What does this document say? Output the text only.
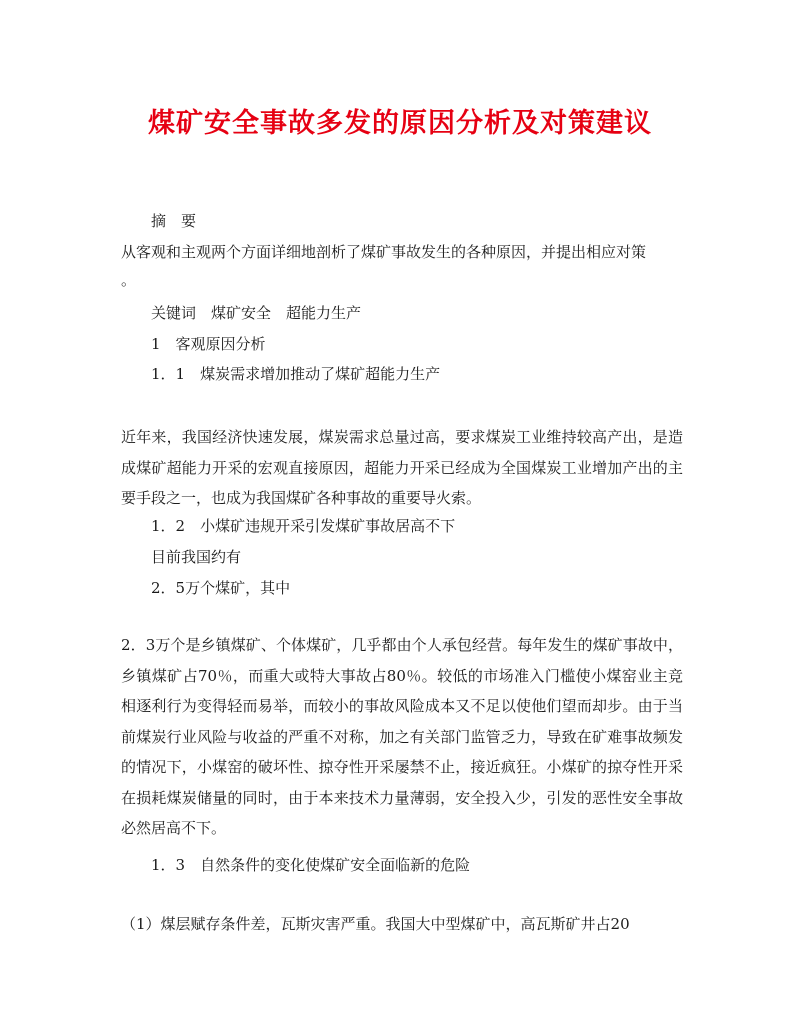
煤矿安全事故多发的原因分析及对策建议
摘　要
从客观和主观两个方面详细地剖析了煤矿事故发生的各种原因，并提出相应对策
。
关键词　煤矿安全　超能力生产
1　客观原因分析
1．1　煤炭需求增加推动了煤矿超能力生产
近年来，我国经济快速发展，煤炭需求总量过高，要求煤炭工业维持较高产出，是造成煤矿超能力开采的宏观直接原因，超能力开采已经成为全国煤炭工业增加产出的主要手段之一，也成为我国煤矿各种事故的重要导火索。
1．2　小煤矿违规开采引发煤矿事故居高不下
目前我国约有
2．5万个煤矿，其中
2．3万个是乡镇煤矿、个体煤矿，几乎都由个人承包经营。每年发生的煤矿事故中，乡镇煤矿占70％，而重大或特大事故占80％。较低的市场准入门槛使小煤窑业主竞相逐利行为变得轻而易举，而较小的事故风险成本又不足以使他们望而却步。由于当前煤炭行业风险与收益的严重不对称，加之有关部门监管乏力，导致在矿难事故频发的情况下，小煤窑的破坏性、掠夺性开采屡禁不止，接近疯狂。小煤矿的掠夺性开采在损耗煤炭储量的同时，由于本来技术力量薄弱，安全投入少，引发的恶性安全事故必然居高不下。
1．3　自然条件的变化使煤矿安全面临新的危险
（1）煤层赋存条件差，瓦斯灾害严重。我国大中型煤矿中，高瓦斯矿井占20
